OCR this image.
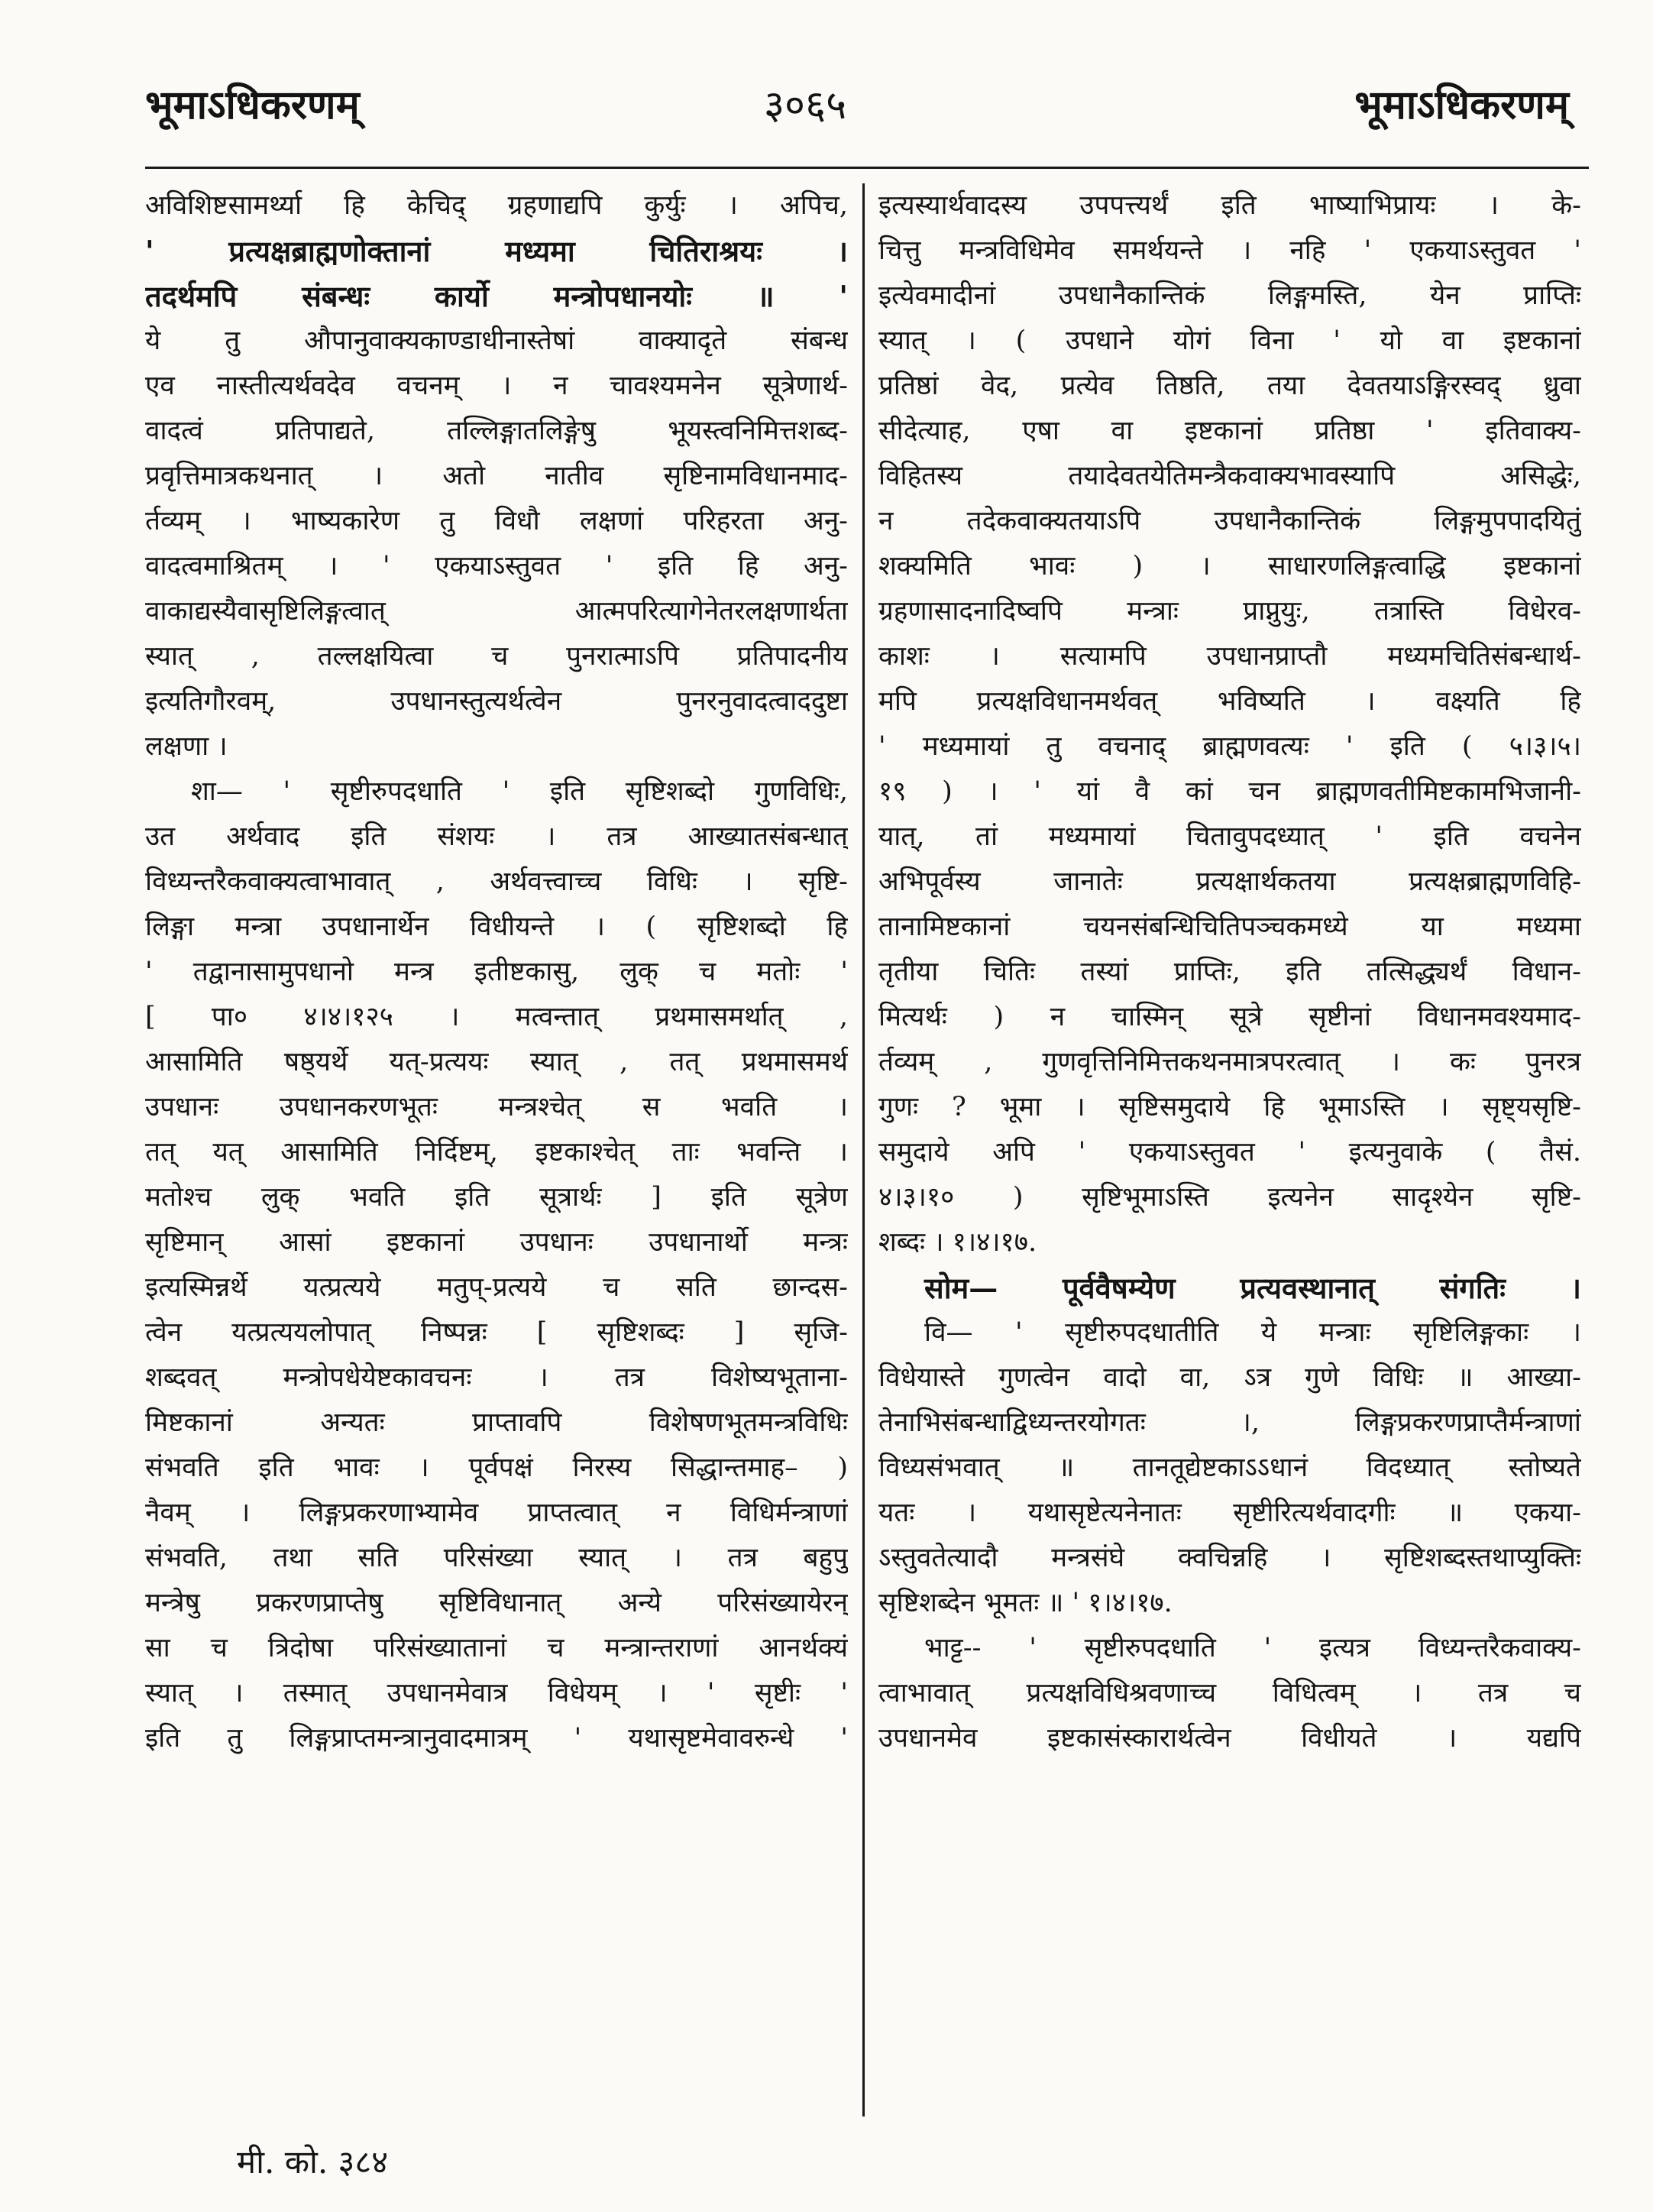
भूमाऽधिकरणम्	३०६५	भूमाऽधिकरणम्
अविशिष्टसामर्थ्या हि केचिद् ग्रहणाद्यपि कुर्युः । अपिच,
' प्रत्यक्षब्राह्मणोक्तानां मध्यमा चितिराश्रयः ।
तदर्थमपि संबन्धः कार्यो मन्त्रोपधानयोः ॥ '
ये तु औपानुवाक्यकाण्डाधीनास्तेषां वाक्यादृते संबन्ध
एव नास्तीत्यर्थवदेव वचनम् । न चावश्यमनेन सूत्रेणार्थ-
वादत्वं प्रतिपाद्यते, तल्लिङ्गातलिङ्गेषु भूयस्त्वनिमित्तशब्द-
प्रवृत्तिमात्रकथनात् । अतो नातीव सृष्टिनामविधानमाद-
र्तव्यम् । भाष्यकारेण तु विधौ लक्षणां परिहरता अनु-
वादत्वमाश्रितम् । ' एकयाऽस्तुवत ' इति हि अनु-
वाकाद्यस्यैवासृष्टिलिङ्गत्वात् आत्मपरित्यागेनेतरलक्षणार्थता
स्यात् , तल्लक्षयित्वा च पुनरात्माऽपि प्रतिपादनीय
इत्यतिगौरवम्, उपधानस्तुत्यर्थत्वेन पुनरनुवादत्वाददुष्टा
लक्षणा ।
शा— ' सृष्टीरुपदधाति ' इति सृष्टिशब्दो गुणविधिः,
उत अर्थवाद इति संशयः । तत्र आख्यातसंबन्धात्
विध्यन्तरैकवाक्यत्वाभावात् , अर्थवत्त्वाच्च विधिः । सृष्टि-
लिङ्गा मन्त्रा उपधानार्थेन विधीयन्ते । ( सृष्टिशब्दो हि
' तद्वानासामुपधानो मन्त्र इतीष्टकासु, लुक् च मतोः '
[ पा० ४।४।१२५ । मत्वन्तात् प्रथमासमर्थात् ,
आसामिति षष्ठ्यर्थे यत्-प्रत्ययः स्यात् , तत् प्रथमासमर्थ
उपधानः उपधानकरणभूतः मन्त्रश्चेत् स भवति ।
तत् यत् आसामिति निर्दिष्टम्, इष्टकाश्चेत् ताः भवन्ति ।
मतोश्च लुक् भवति इति सूत्रार्थः ] इति सूत्रेण
सृष्टिमान् आसां इष्टकानां उपधानः उपधानार्थो मन्त्रः
इत्यस्मिन्नर्थे यत्प्रत्यये मतुप्-प्रत्यये च सति छान्दस-
त्वेन यत्प्रत्ययलोपात् निष्पन्नः [ सृष्टिशब्दः ] सृजि-
शब्दवत् मन्त्रोपधेयेष्टकावचनः । तत्र विशेष्यभूताना-
मिष्टकानां अन्यतः प्राप्तावपि विशेषणभूतमन्त्रविधिः
संभवति इति भावः । पूर्वपक्षं निरस्य सिद्धान्तमाह– )
नैवम् । लिङ्गप्रकरणाभ्यामेव प्राप्तत्वात् न विधिर्मन्त्राणां
संभवति, तथा सति परिसंख्या स्यात् । तत्र बहुपु
मन्त्रेषु प्रकरणप्राप्तेषु सृष्टिविधानात् अन्ये परिसंख्यायेरन्
सा च त्रिदोषा परिसंख्यातानां च मन्त्रान्तराणां आनर्थक्यं
स्यात् । तस्मात् उपधानमेवात्र विधेयम् । ' सृष्टीः '
इति तु लिङ्गप्राप्तमन्त्रानुवादमात्रम् ' यथासृष्टमेवावरुन्धे '
इत्यस्यार्थवादस्य उपपत्त्यर्थं इति भाष्याभिप्रायः । के-
चित्तु मन्त्रविधिमेव समर्थयन्ते । नहि ' एकयाऽस्तुवत '
इत्येवमादीनां उपधानैकान्तिकं लिङ्गमस्ति, येन प्राप्तिः
स्यात् । ( उपधाने योगं विना ' यो वा इष्टकानां
प्रतिष्ठां वेद, प्रत्येव तिष्ठति, तया देवतयाऽङ्गिरस्वद् ध्रुवा
सीदेत्याह, एषा वा इष्टकानां प्रतिष्ठा ' इतिवाक्य-
विहितस्य तयादेवतयेतिमन्त्रैकवाक्यभावस्यापि असिद्धेः,
न तदेकवाक्यतयाऽपि उपधानैकान्तिकं लिङ्गमुपपादयितुं
शक्यमिति भावः ) । साधारणलिङ्गत्वाद्धि इष्टकानां
ग्रहणासादनादिष्वपि मन्त्राः प्राप्नुयुः, तत्रास्ति विधेरव-
काशः । सत्यामपि उपधानप्राप्तौ मध्यमचितिसंबन्धार्थ-
मपि प्रत्यक्षविधानमर्थवत् भविष्यति । वक्ष्यति हि
' मध्यमायां तु वचनाद् ब्राह्मणवत्यः ' इति ( ५।३।५।
१९ ) । ' यां वै कां चन ब्राह्मणवतीमिष्टकामभिजानी-
यात्, तां मध्यमायां चितावुपदध्यात् ' इति वचनेन
अभिपूर्वस्य जानातेः प्रत्यक्षार्थकतया प्रत्यक्षब्राह्मणविहि-
तानामिष्टकानां चयनसंबन्धिचितिपञ्चकमध्ये या मध्यमा
तृतीया चितिः तस्यां प्राप्तिः, इति तत्सिद्ध्यर्थं विधान-
मित्यर्थः ) न चास्मिन् सूत्रे सृष्टीनां विधानमवश्यमाद-
र्तव्यम् , गुणवृत्तिनिमित्तकथनमात्रपरत्वात् । कः पुनरत्र
गुणः ? भूमा । सृष्टिसमुदाये हि भूमाऽस्ति । सृष्ट्यसृष्टि-
समुदाये अपि ' एकयाऽस्तुवत ' इत्यनुवाके ( तैसं.
४।३।१० ) सृष्टिभूमाऽस्ति इत्यनेन सादृश्येन सृष्टि-
शब्दः । १।४।१७.
सोम— पूर्ववैषम्येण प्रत्यवस्थानात् संगतिः ।
वि— ' सृष्टीरुपदधातीति ये मन्त्राः सृष्टिलिङ्गकाः ।
विधेयास्ते गुणत्वेन वादो वा, ऽत्र गुणे विधिः ॥ आख्या-
तेनाभिसंबन्धाद्विध्यन्तरयोगतः ।, लिङ्गप्रकरणप्राप्तैर्मन्त्राणां
विध्यसंभवात् ॥ तानतूद्येष्टकाऽऽधानं विदध्यात् स्तोष्यते
यतः । यथासृष्टेत्यनेनातः सृष्टीरित्यर्थवादगीः ॥ एकया-
ऽस्तुवतेत्यादौ मन्त्रसंघे क्वचिन्नहि । सृष्टिशब्दस्तथाप्युक्तिः
सृष्टिशब्देन भूमतः ॥ ' १।४।१७.
भाट्ट-- ' सृष्टीरुपदधाति ' इत्यत्र विध्यन्तरैकवाक्य-
त्वाभावात् प्रत्यक्षविधिश्रवणाच्च विधित्वम् । तत्र च
उपधानमेव इष्टकासंस्कारार्थत्वेन विधीयते । यद्यपि
मी. को. ३८४
